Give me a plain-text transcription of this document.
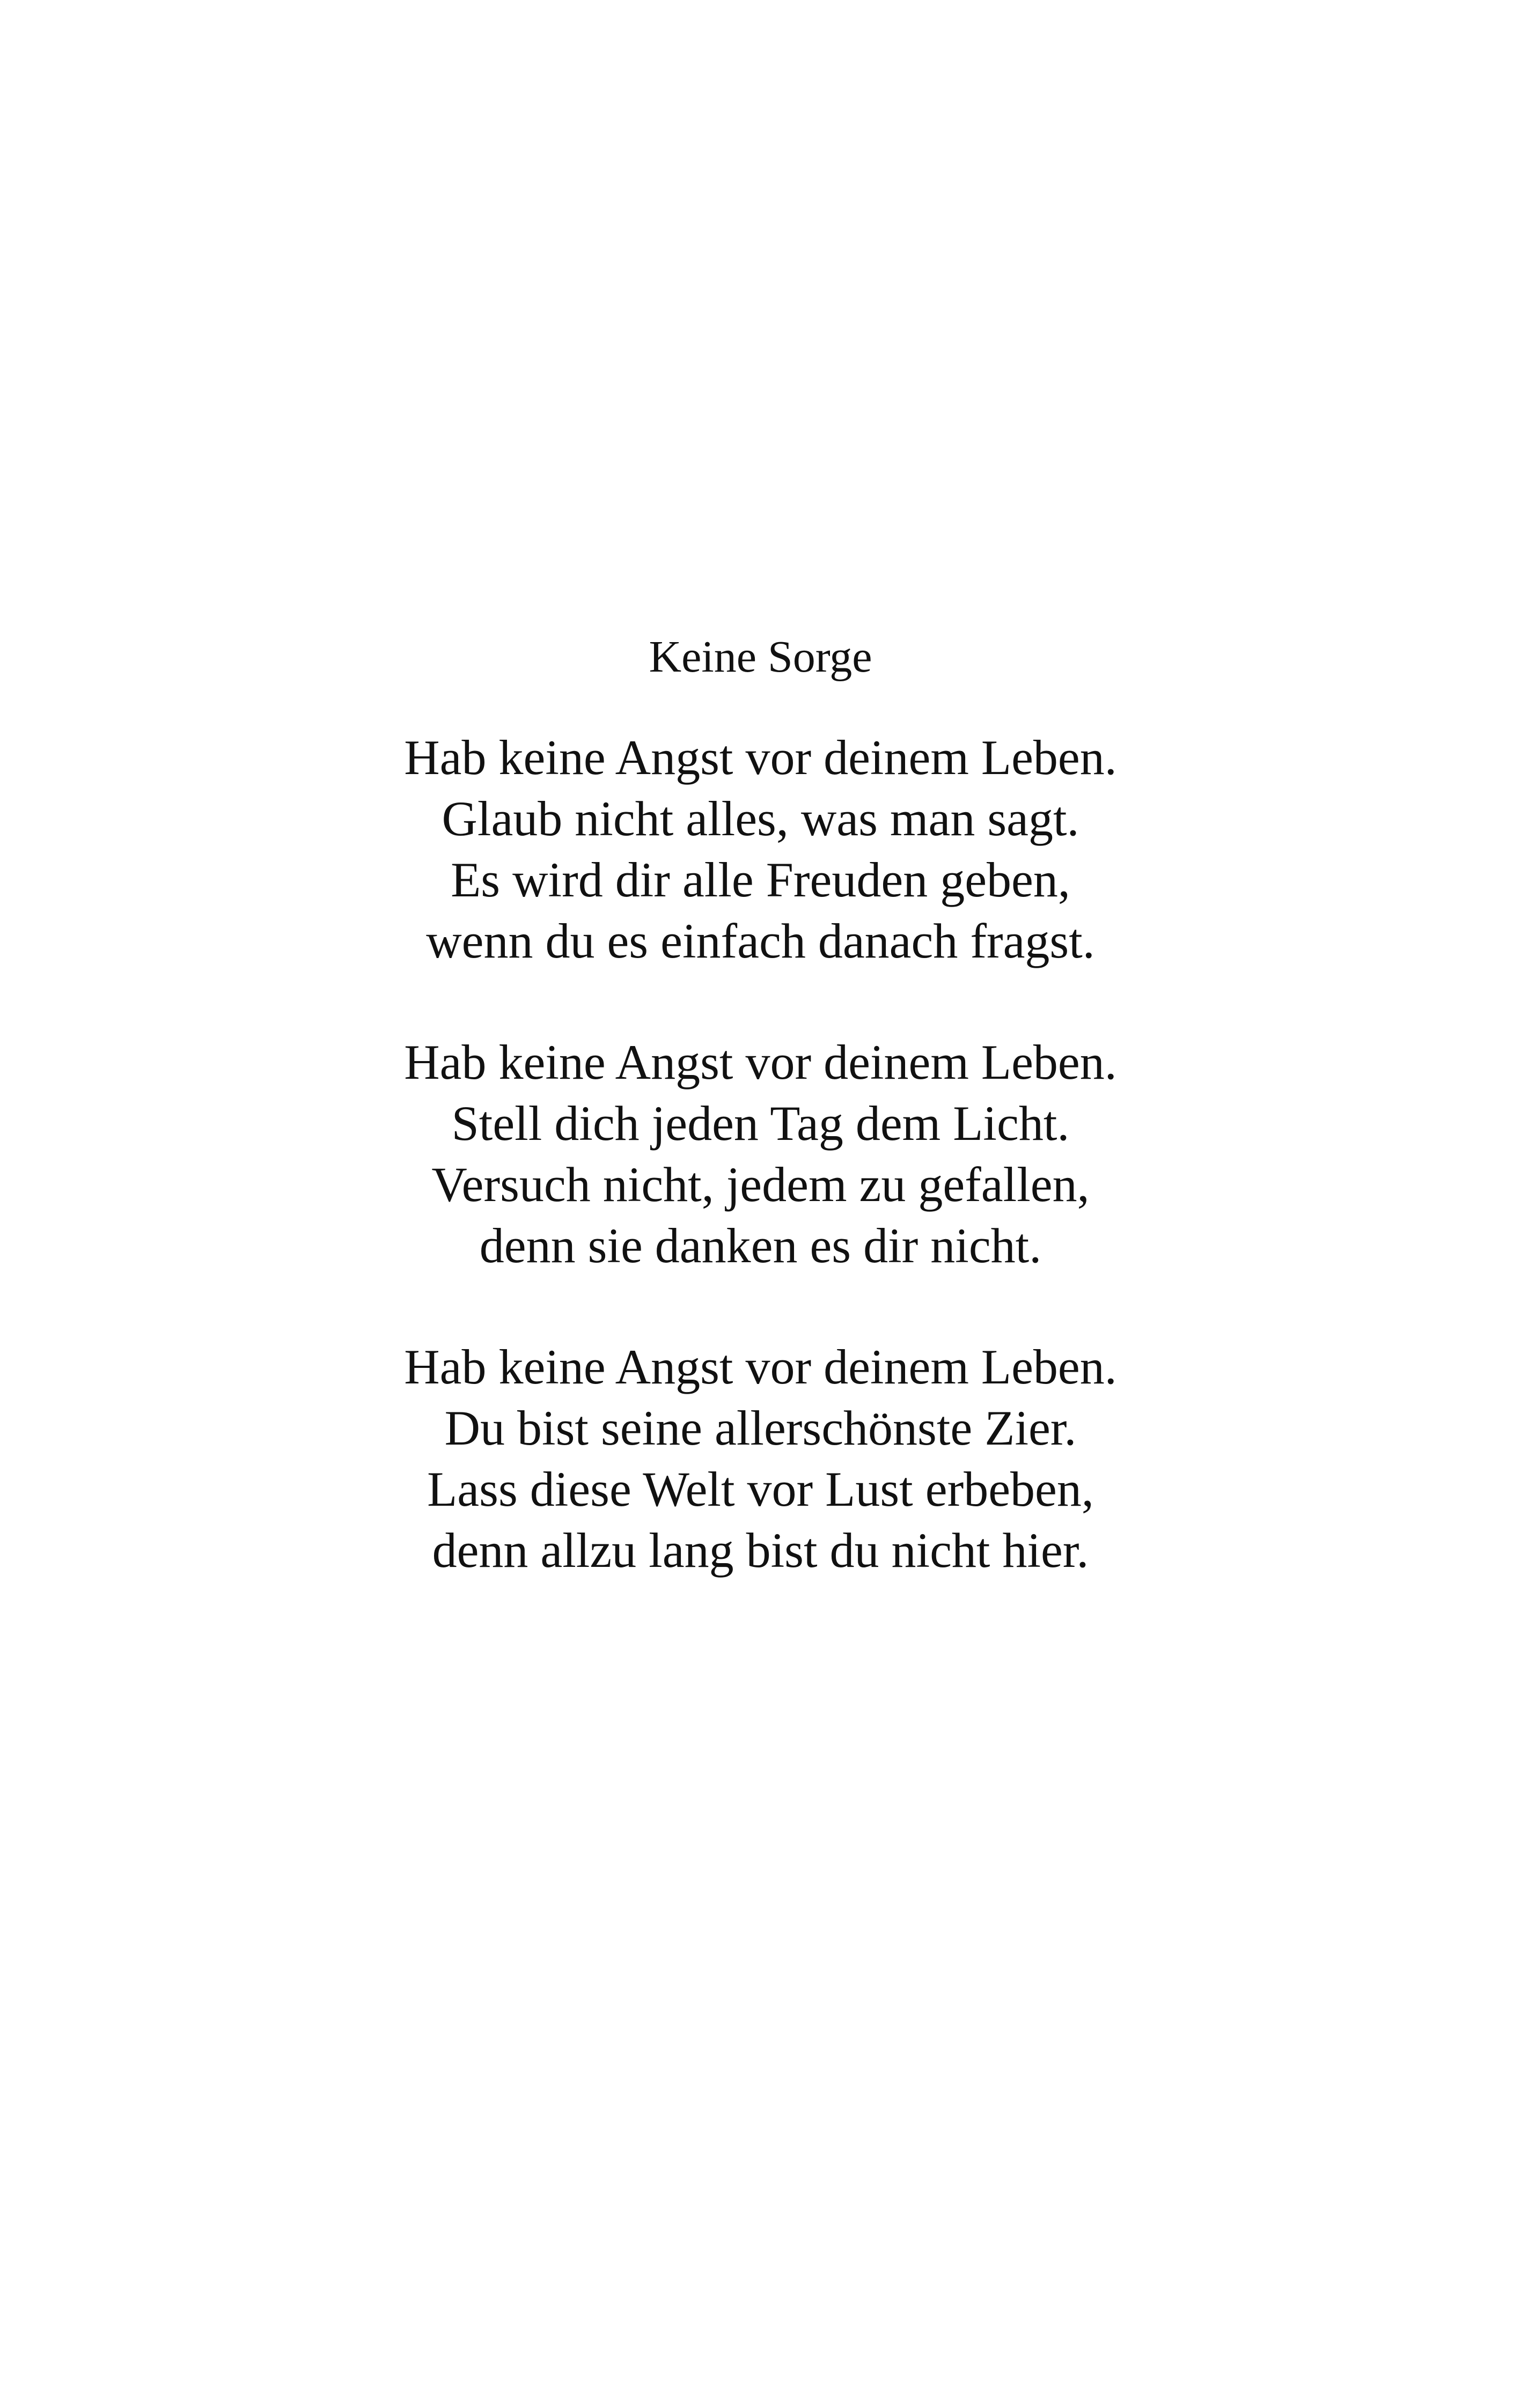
Keine Sorge
Hab keine Angst vor deinem Leben.
Glaub nicht alles, was man sagt.
Es wird dir alle Freuden geben,
wenn du es einfach danach fragst.
Hab keine Angst vor deinem Leben.
Stell dich jeden Tag dem Licht.
Versuch nicht, jedem zu gefallen,
denn sie danken es dir nicht.
Hab keine Angst vor deinem Leben.
Du bist seine allerschönste Zier.
Lass diese Welt vor Lust erbeben,
denn allzu lang bist du nicht hier.
